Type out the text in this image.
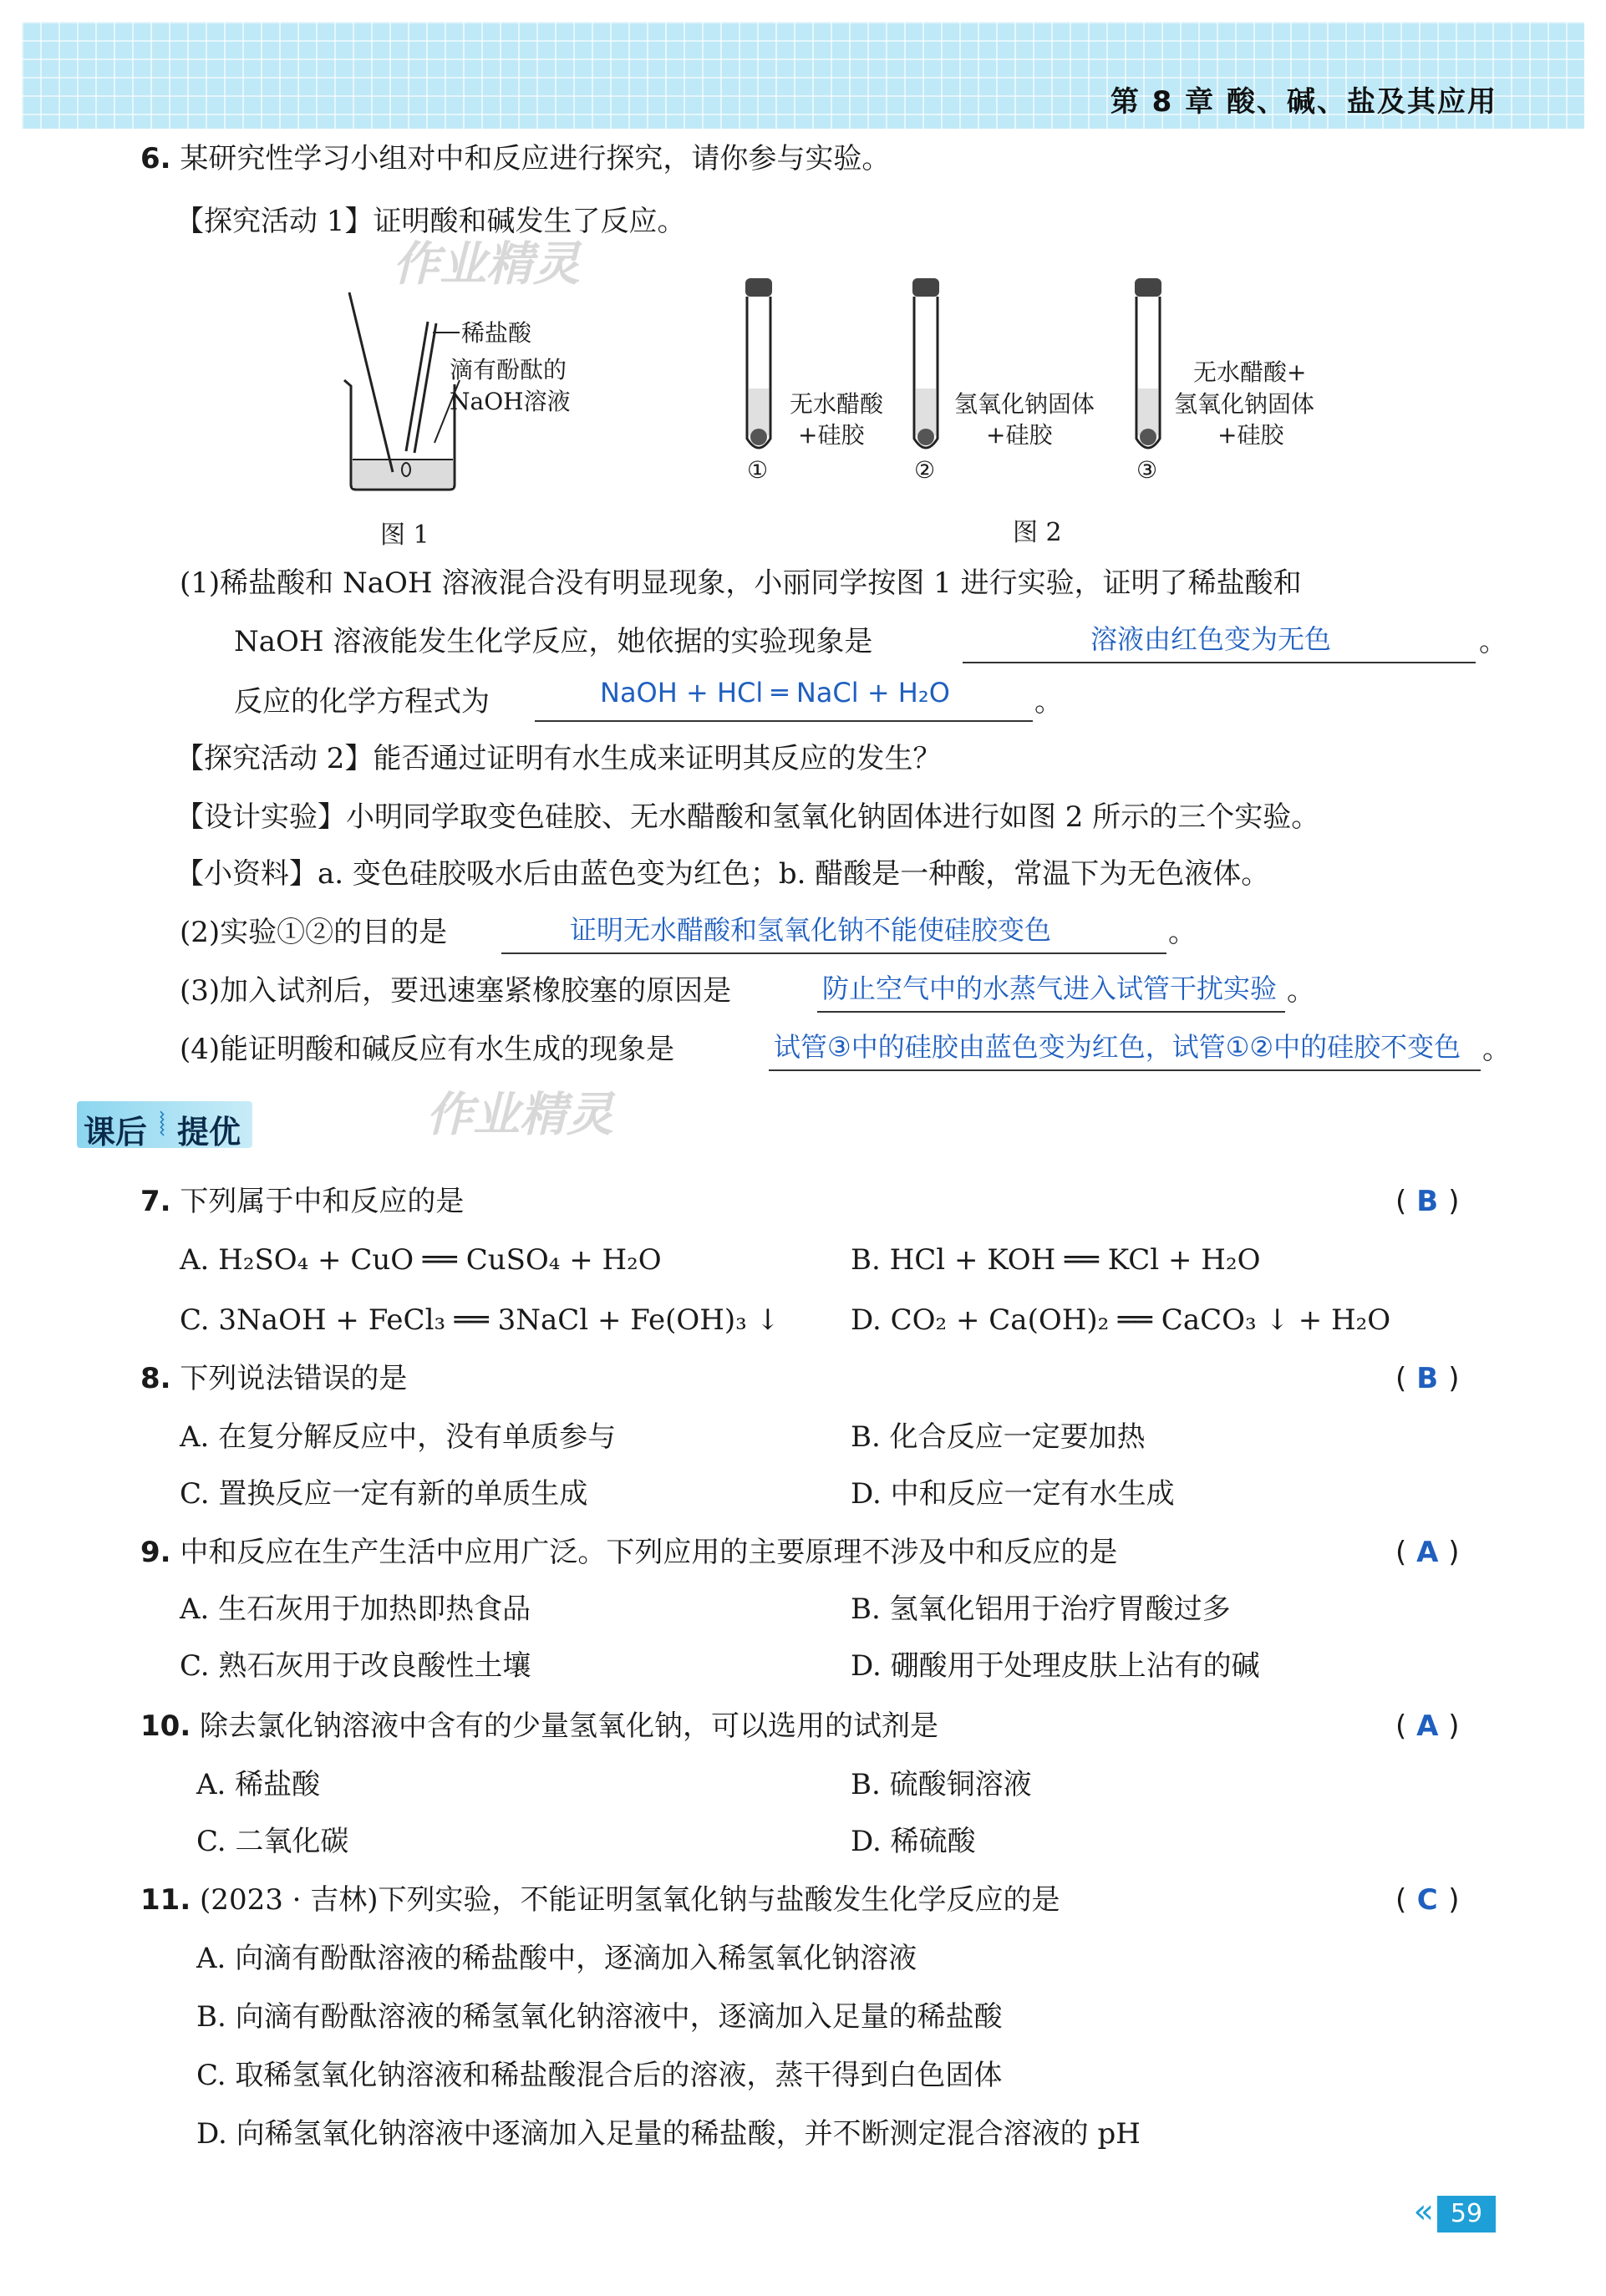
第 8 章 酸、碱、盐及其应用
作业精灵
作业精灵
6. 某研究性学习小组对中和反应进行探究，请你参与实验。
【探究活动 1】证明酸和碱发生了反应。
稀盐酸
滴有酚酞的
NaOH溶液
图 1
无水醋酸
+硅胶
①
氢氧化钠固体
+硅胶
②
无水醋酸+
氢氧化钠固体
+硅胶
③
图 2
(1)稀盐酸和 NaOH 溶液混合没有明显现象，小丽同学按图 1 进行实验，证明了稀盐酸和
NaOH 溶液能发生化学反应，她依据的实验现象是	溶液由红色变为无色	。
反应的化学方程式为	NaOH + HCl ═ NaCl + H₂O	。
【探究活动 2】能否通过证明有水生成来证明其反应的发生？
【设计实验】小明同学取变色硅胶、无水醋酸和氢氧化钠固体进行如图 2 所示的三个实验。
【小资料】a. 变色硅胶吸水后由蓝色变为红色；b. 醋酸是一种酸，常温下为无色液体。
(2)实验①②的目的是	证明无水醋酸和氢氧化钠不能使硅胶变色	。
(3)加入试剂后，要迅速塞紧橡胶塞的原因是	防止空气中的水蒸气进入试管干扰实验 。
(4)能证明酸和碱反应有水生成的现象是	试管③中的硅胶由蓝色变为红色，试管①②中的硅胶不变色 。
课后 ⦚ 提优
7. 下列属于中和反应的是	( B )
A. H₂SO₄ + CuO ══ CuSO₄ + H₂O	B. HCl + KOH ══ KCl + H₂O
C. 3NaOH + FeCl₃ ══ 3NaCl + Fe(OH)₃ ↓ D. CO₂ + Ca(OH)₂ ══ CaCO₃ ↓ + H₂O
8. 下列说法错误的是	( B )
A. 在复分解反应中，没有单质参与	B. 化合反应一定要加热
C. 置换反应一定有新的单质生成	D. 中和反应一定有水生成
9. 中和反应在生产生活中应用广泛。下列应用的主要原理不涉及中和反应的是	( A )
A. 生石灰用于加热即热食品	B. 氢氧化铝用于治疗胃酸过多
C. 熟石灰用于改良酸性土壤	D. 硼酸用于处理皮肤上沾有的碱
10. 除去氯化钠溶液中含有的少量氢氧化钠，可以选用的试剂是	( A )
A. 稀盐酸	B. 硫酸铜溶液
C. 二氧化碳	D. 稀硫酸
11. (2023 · 吉林)下列实验，不能证明氢氧化钠与盐酸发生化学反应的是	( C )
A. 向滴有酚酞溶液的稀盐酸中，逐滴加入稀氢氧化钠溶液
B. 向滴有酚酞溶液的稀氢氧化钠溶液中，逐滴加入足量的稀盐酸
C. 取稀氢氧化钠溶液和稀盐酸混合后的溶液，蒸干得到白色固体
D. 向稀氢氧化钠溶液中逐滴加入足量的稀盐酸，并不断测定混合溶液的 pH
« 59
